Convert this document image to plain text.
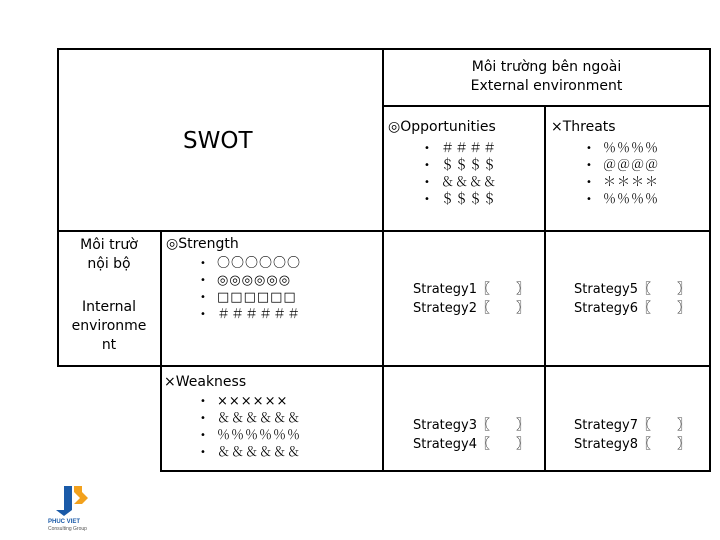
Môi trường bên ngoài
External environment
SWOT
Môi trườ
nội bộ
Internal
environme
nt
◎Opportunities
• ＃＃＃＃
• ＄＄＄＄
• ＆＆＆＆
• ＄＄＄＄
×Threats
• ％％％％
• ＠＠＠＠
• ＊＊＊＊
• ％％％％
◎Strength
• 〇〇〇〇〇〇
• ◎◎◎◎◎◎
• □□□□□□
• ＃＃＃＃＃＃
×Weakness
• ××××××
• ＆＆＆＆＆＆
• ％％％％％％
• ＆＆＆＆＆＆
Strategy1〖　　〗
Strategy2〖　　〗
Strategy5〖　　〗
Strategy6〖　　〗
Strategy3〖　　〗
Strategy4〖　　〗
Strategy7〖　　〗
Strategy8〖　　〗
PHUC VIET
Consulting Group
